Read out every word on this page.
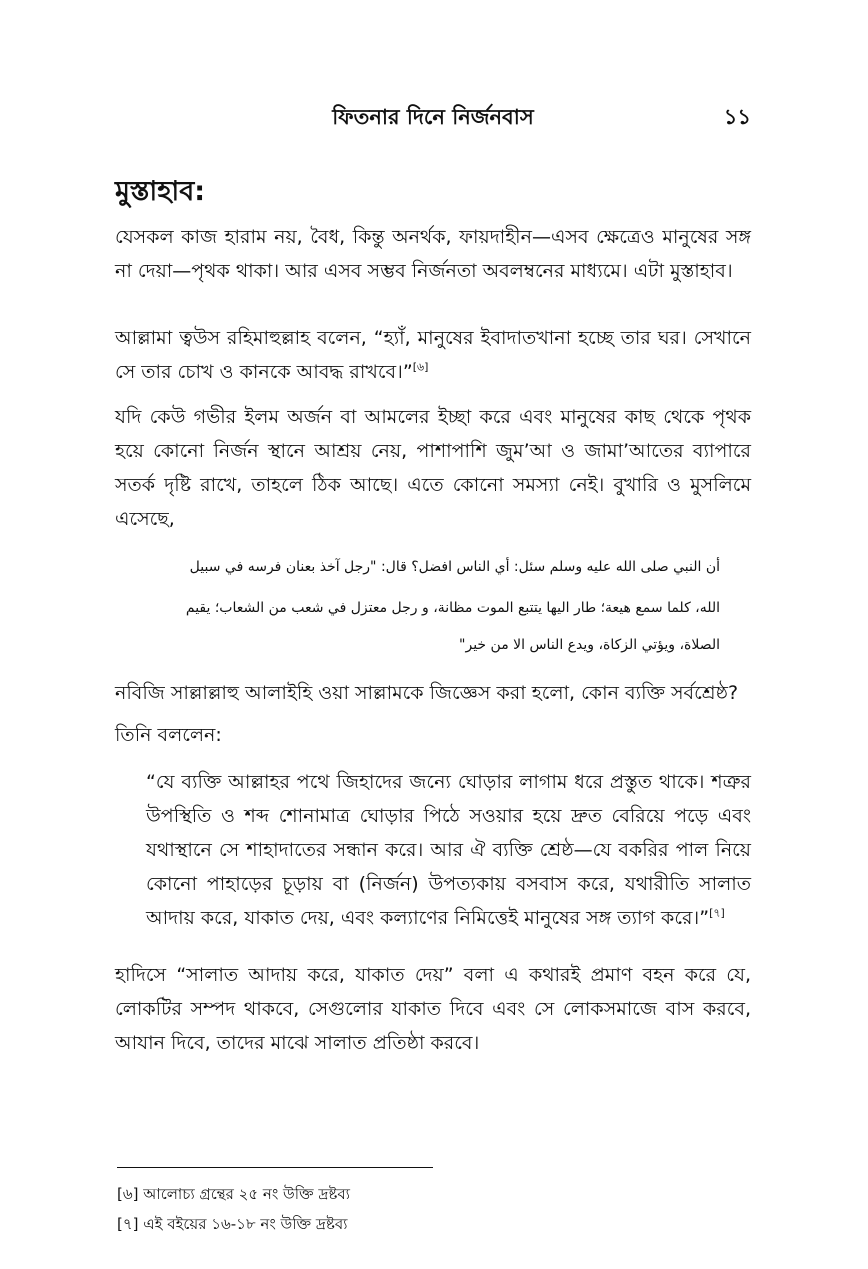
ফিতনার দিনে নির্জনবাস	১১
মুস্তাহাব:

যেসকল কাজ হারাম নয়, বৈধ, কিন্তু অনর্থক, ফায়দাহীন—এসব ক্ষেত্রেও মানুষের সঙ্গ না দেয়া—পৃথক থাকা। আর এসব সম্ভব নির্জনতা অবলম্বনের মাধ্যমে। এটা মুস্তাহাব।

আল্লামা ত্বউস রহিমাহুল্লাহ বলেন, “হ্যাঁ, মানুষের ইবাদাতখানা হচ্ছে তার ঘর। সেখানে সে তার চোখ ও কানকে আবদ্ধ রাখবে।”[৬]

যদি কেউ গভীর ইলম অর্জন বা আমলের ইচ্ছা করে এবং মানুষের কাছ থেকে পৃথক হয়ে কোনো নির্জন স্থানে আশ্রয় নেয়, পাশাপাশি জুম’আ ও জামা’আতের ব্যাপারে সতর্ক দৃষ্টি রাখে, তাহলে ঠিক আছে। এতে কোনো সমস্যা নেই। বুখারি ও মুসলিমে এসেছে,

أن النبي صلى الله عليه وسلم سئل: أي الناس افضل؟ قال: "رجل آخذ بعنان فرسه في سبيل

الله، كلما سمع هيعة؛ طار اليها يتتبع الموت مظانة، و رجل معتزل في شعب من الشعاب؛ يقيم

الصلاة، ويؤتي الزكاة، ويدع الناس الا من خير"

নবিজি সাল্লাল্লাহু আলাইহি ওয়া সাল্লামকে জিজ্ঞেস করা হলো, কোন ব্যক্তি সর্বশ্রেষ্ঠ?

তিনি বললেন:

“যে ব্যক্তি আল্লাহর পথে জিহাদের জন্যে ঘোড়ার লাগাম ধরে প্রস্তুত থাকে। শত্রুর উপস্থিতি ও শব্দ শোনামাত্র ঘোড়ার পিঠে সওয়ার হয়ে দ্রুত বেরিয়ে পড়ে এবং যথাস্থানে সে শাহাদাতের সন্ধান করে। আর ঐ ব্যক্তি শ্রেষ্ঠ—যে বকরির পাল নিয়ে কোনো পাহাড়ের চূড়ায় বা (নির্জন) উপত্যকায় বসবাস করে, যথারীতি সালাত আদায় করে, যাকাত দেয়, এবং কল্যাণের নিমিত্তেই মানুষের সঙ্গ ত্যাগ করে।”[৭]

হাদিসে “সালাত আদায় করে, যাকাত দেয়” বলা এ কথারই প্রমাণ বহন করে যে, লোকটির সম্পদ থাকবে, সেগুলোর যাকাত দিবে এবং সে লোকসমাজে বাস করবে, আযান দিবে, তাদের মাঝে সালাত প্রতিষ্ঠা করবে।

[৬] আলোচ্য গ্রন্থের ২৫ নং উক্তি দ্রষ্টব্য

[৭] এই বইয়ের ১৬-১৮ নং উক্তি দ্রষ্টব্য
